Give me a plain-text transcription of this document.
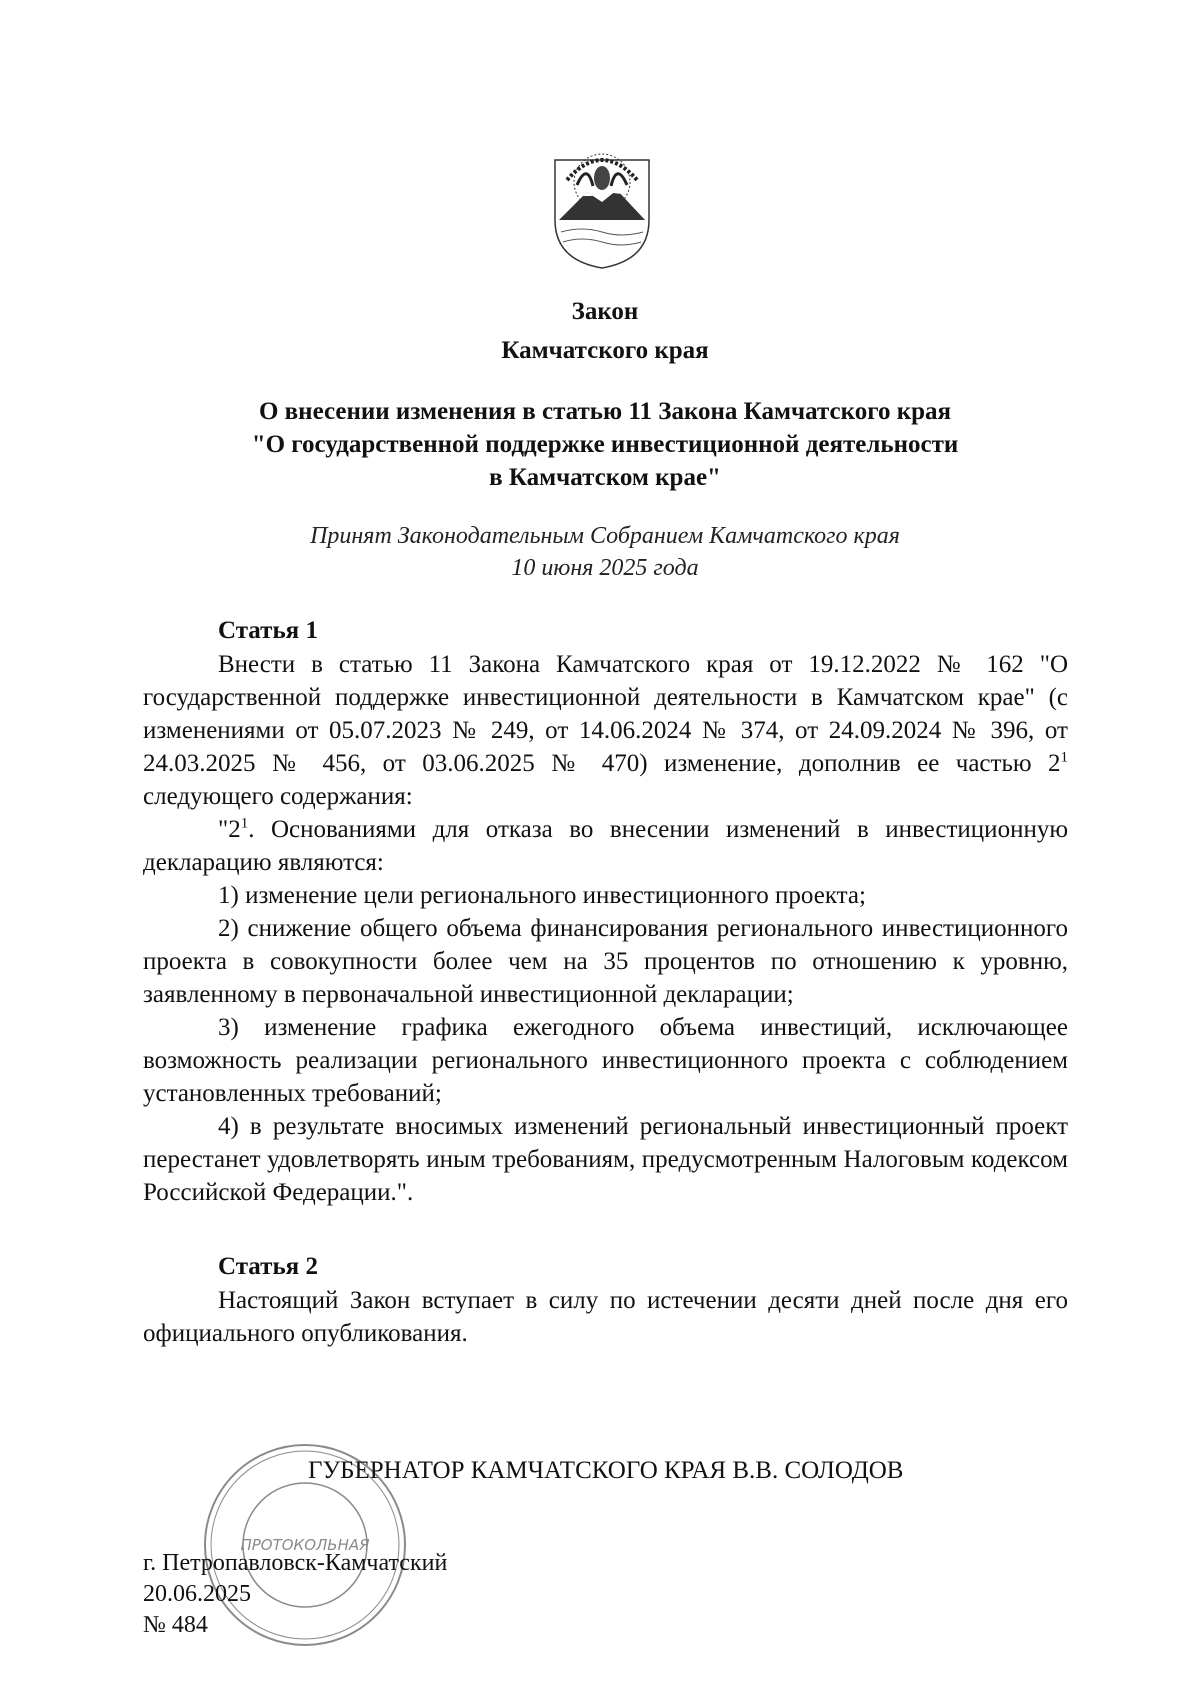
Закон
Камчатского края
О внесении изменения в статью 11 Закона Камчатского края
"О государственной поддержке инвестиционной деятельности
в Камчатском крае"
Принят Законодательным Собранием Камчатского края
10 июня 2025 года
Статья 1

Внести в статью 11 Закона Камчатского края от 19.12.2022 № 162 "О государственной поддержке инвестиционной деятельности в Камчатском крае" (с изменениями от 05.07.2023 № 249, от 14.06.2024 № 374, от 24.09.2024 № 396, от 24.03.2025 № 456, от 03.06.2025 № 470) изменение, дополнив ее частью $2^1$ следующего содержания:

"$2^1$. Основаниями для отказа во внесении изменений в инвестиционную декларацию являются:

1) изменение цели регионального инвестиционного проекта;

2) снижение общего объема финансирования регионального инвестиционного проекта в совокупности более чем на 35 процентов по отношению к уровню, заявленному в первоначальной инвестиционной декларации;

3) изменение графика ежегодного объема инвестиций, исключающее возможность реализации регионального инвестиционного проекта с соблюдением установленных требований;

4) в результате вносимых изменений региональный инвестиционный проект перестанет удовлетворять иным требованиям, предусмотренным Налоговым кодексом Российской Федерации.".

Статья 2

Настоящий Закон вступает в силу по истечении десяти дней после дня его официального опубликования.

ПРОТОКОЛЬНАЯ
ГУБЕРНАТОР КАМЧАТСКОГО КРАЯ В.В. СОЛОДОВ
г. Петропавловск-Камчатский
20.06.2025
№ 484
